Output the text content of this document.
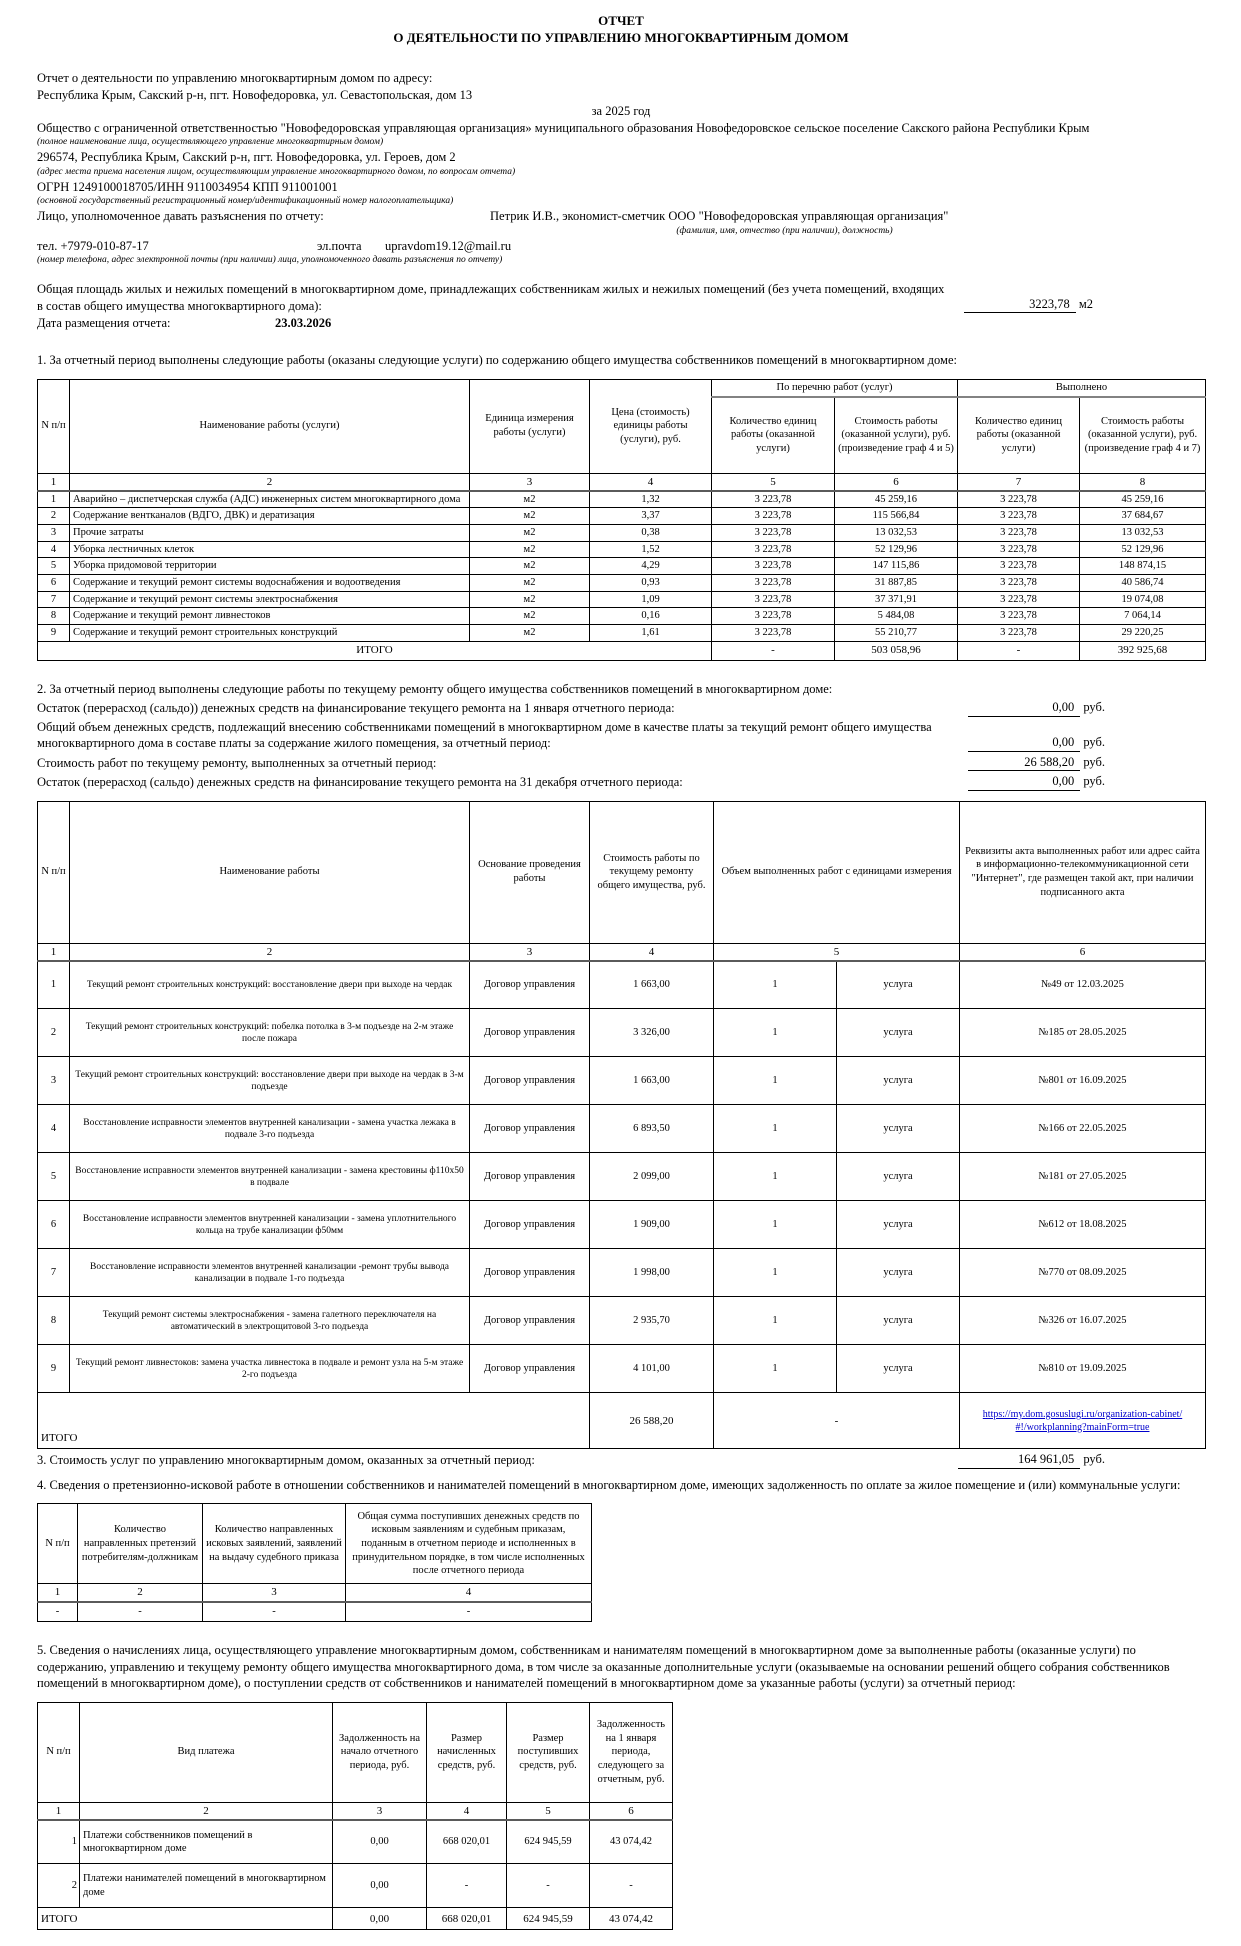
ОТЧЕТ
О ДЕЯТЕЛЬНОСТИ ПО УПРАВЛЕНИЮ МНОГОКВАРТИРНЫМ ДОМОМ
Отчет о деятельности по управлению многоквартирным домом по адресу:
Республика Крым, Сакский р-н, пгт. Новофедоровка, ул. Севастопольская, дом 13
за 2025 год
Общество с ограниченной ответственностью "Новофедоровская управляющая организация» муниципального образования Новофедоровское сельское поселение Сакского района Республики Крым
(полное наименование лица, осуществляющего управление многоквартирным домом)
296574, Республика Крым, Сакский р-н, пгт. Новофедоровка, ул. Героев, дом 2
(адрес места приема населения лицом, осуществляющим управление многоквартирного домом, по вопросам отчета)
ОГРН 1249100018705/ИНН 9110034954 КПП 911001001
(основной государственный регистрационный номер/идентификационный номер налогоплательщика)
Лицо, уполномоченное давать разъяснения по отчету:	Петрик И.В., экономист-сметчик ООО "Новофедоровская управляющая организация"
(фамилия, имя, отчество (при наличии), должность)
тел. +7979-010-87-17	эл.почта	upravdom19.12@mail.ru
(номер телефона, адрес электронной почты (при наличии) лица, уполномоченного давать разъяснения по отчету)
Общая площадь жилых и нежилых помещений в многоквартирном доме, принадлежащих собственникам жилых и нежилых помещений (без учета помещений, входящих в состав общего имущества многоквартирного дома):	3223,78 м2
Дата размещения отчета:	23.03.2026
1. За отчетный период выполнены следующие работы (оказаны следующие услуги) по содержанию общего имущества собственников помещений в многоквартирном доме:
N п/п	Наименование работы (услуги)	Единица измерения работы (услуги)	Цена (стоимость) единицы работы (услуги), руб.	По перечню работ (услуг)		Выполнено	
				Количество единиц работы (оказанной услуги)	Стоимость работы (оказанной услуги), руб. (произведение граф 4 и 5)	Количество единиц работы (оказанной услуги)	Стоимость работы (оказанной услуги), руб. (произведение граф 4 и 7)
1	2	3	4	5	6	7	8
1	Аварийно – диспетчерская служба (АДС) инженерных систем многоквартирного дома	м2	1,32	3 223,78	45 259,16	3 223,78	45 259,16
2	Содержание вентканалов (ВДГО, ДВК) и дератизация	м2	3,37	3 223,78	115 566,84	3 223,78	37 684,67
3	Прочие затраты	м2	0,38	3 223,78	13 032,53	3 223,78	13 032,53
4	Уборка лестничных клеток	м2	1,52	3 223,78	52 129,96	3 223,78	52 129,96
5	Уборка придомовой территории	м2	4,29	3 223,78	147 115,86	3 223,78	148 874,15
6	Содержание и текущий ремонт системы водоснабжения и водоотведения	м2	0,93	3 223,78	31 887,85	3 223,78	40 586,74
7	Содержание и текущий ремонт системы электроснабжения	м2	1,09	3 223,78	37 371,91	3 223,78	19 074,08
8	Содержание и текущий ремонт ливнестоков	м2	0,16	3 223,78	5 484,08	3 223,78	7 064,14
9	Содержание и текущий ремонт строительных конструкций	м2	1,61	3 223,78	55 210,77	3 223,78	29 220,25
ИТОГО				-	503 058,96	-	392 925,68
2. За отчетный период выполнены следующие работы по текущему ремонту общего имущества собственников помещений в многоквартирном доме:
Остаток (перерасход (сальдо)) денежных средств на финансирование текущего ремонта на 1 января отчетного периода:	0,00 руб.
Общий объем денежных средств, подлежащий внесению собственниками помещений в многоквартирном доме в качестве платы за текущий ремонт общего имущества многоквартирного дома в составе платы за содержание жилого помещения, за отчетный период:	0,00 руб.
Стоимость работ по текущему ремонту, выполненных за отчетный период:	26 588,20 руб.
Остаток (перерасход (сальдо) денежных средств на финансирование текущего ремонта на 31 декабря отчетного периода:	0,00 руб.
N п/п	Наименование работы	Основание проведения работы	Стоимость работы по текущему ремонту общего имущества, руб.	Объем выполненных работ с единицами измерения		Реквизиты акта выполненных работ или адрес сайта в информационно-телекоммуникационной сети "Интернет", где размещен такой акт, при наличии подписанного акта
1	2	3	4	5		6
1	Текущий ремонт строительных конструкций: восстановление двери при выходе на чердак	Договор управления	1 663,00	1	услуга	№49 от 12.03.2025
2	Текущий ремонт строительных конструкций: побелка потолка в 3-м подъезде на 2-м этаже после пожара	Договор управления	3 326,00	1	услуга	№185 от 28.05.2025
3	Текущий ремонт строительных конструкций: восстановление двери при выходе на чердак в 3-м подъезде	Договор управления	1 663,00	1	услуга	№801 от 16.09.2025
4	Восстановление исправности элементов внутренней канализации - замена участка лежака в подвале 3-го подъезда	Договор управления	6 893,50	1	услуга	№166 от 22.05.2025
5	Восстановление исправности элементов внутренней канализации - замена крестовины ф110х50 в подвале	Договор управления	2 099,00	1	услуга	№181 от 27.05.2025
6	Восстановление исправности элементов внутренней канализации - замена уплотнительного кольца на трубе канализации ф50мм	Договор управления	1 909,00	1	услуга	№612 от 18.08.2025
7	Восстановление исправности элементов внутренней канализации -ремонт трубы вывода канализации в подвале 1-го подъезда	Договор управления	1 998,00	1	услуга	№770 от 08.09.2025
8	Текущий ремонт системы электроснабжения - замена галетного переключателя на автоматический в электрощитовой 3-го подъезда	Договор управления	2 935,70	1	услуга	№326 от 16.07.2025
9	Текущий ремонт ливнестоков: замена участка ливнестока в подвале и ремонт узла на 5-м этаже 2-го подъезда	Договор управления	4 101,00	1	услуга	№810 от 19.09.2025
ИТОГО			26 588,20	-		https://my.dom.gosuslugi.ru/organization-cabinet/#!/workplanning?mainForm=true
3. Стоимость услуг по управлению многоквартирным домом, оказанных за отчетный период:	164 961,05 руб.
4. Сведения о претензионно-исковой работе в отношении собственников и нанимателей помещений в многоквартирном доме, имеющих задолженность по оплате за жилое помещение и (или) коммунальные услуги:
N п/п	Количество направленных претензий потребителям-должникам	Количество направленных исковых заявлений, заявлений на выдачу судебного приказа	Общая сумма поступивших денежных средств по исковым заявлениям и судебным приказам, поданным в отчетном периоде и исполненных в принудительном порядке, в том числе исполненных после отчетного периода
1	2	3	4
-	-	-	-
5. Сведения о начислениях лица, осуществляющего управление многоквартирным домом, собственникам и нанимателям помещений в многоквартирном доме за выполненные работы (оказанные услуги) по содержанию, управлению и текущему ремонту общего имущества многоквартирного дома, в том числе за оказанные дополнительные услуги (оказываемые на основании решений общего собрания собственников помещений в многоквартирном доме), о поступлении средств от собственников и нанимателей помещений в многоквартирном доме за указанные работы (услуги) за отчетный период:
N п/п	Вид платежа	Задолженность на начало отчетного периода, руб.	Размер начисленных средств, руб.	Размер поступивших средств, руб.	Задолженность на 1 января периода, следующего за отчетным, руб.
1	2	3	4	5	6
1	Платежи собственников помещений в многоквартирном доме	0,00	668 020,01	624 945,59	43 074,42
2	Платежи нанимателей помещений в многоквартирном доме	0,00	-	-	-
ИТОГО		0,00	668 020,01	624 945,59	43 074,42
